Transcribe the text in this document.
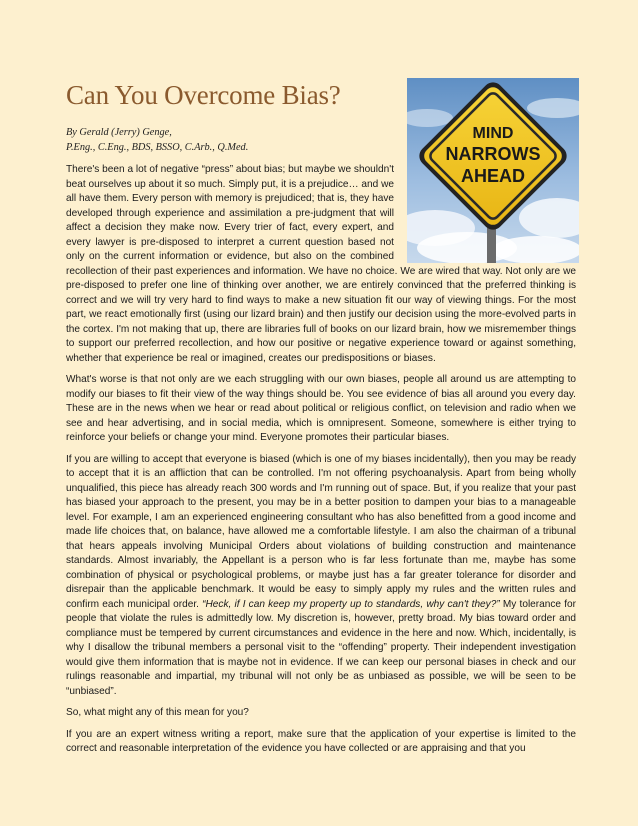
Can You Overcome Bias?
By Gerald (Jerry) Genge,
P.Eng., C.Eng., BDS, BSSO, C.Arb., Q.Med.
MIND
NARROWS
AHEAD

There's been a lot of negative “press” about bias; but maybe we shouldn't beat ourselves up about it so much. Simply put, it is a prejudice… and we all have them. Every person with memory is prejudiced; that is, they have developed through experience and assimilation a pre-judgment that will affect a decision they make now. Every trier of fact, every expert, and every lawyer is pre-disposed to interpret a current question based not only on the current information or evidence, but also on the combined recollection of their past experiences and information. We have no choice. We are wired that way. Not only are we pre-disposed to prefer one line of thinking over another, we are entirely convinced that the preferred thinking is correct and we will try very hard to find ways to make a new situation fit our way of viewing things. For the most part, we react emotionally first (using our lizard brain) and then justify our decision using the more-evolved parts in the cortex. I'm not making that up, there are libraries full of books on our lizard brain, how we misremember things to support our preferred recollection, and how our positive or negative experience toward or against something, whether that experience be real or imagined, creates our predispositions or biases.

What's worse is that not only are we each struggling with our own biases, people all around us are attempting to modify our biases to fit their view of the way things should be. You see evidence of bias all around you every day. These are in the news when we hear or read about political or religious conflict, on television and radio when we see and hear advertising, and in social media, which is omnipresent. Someone, somewhere is either trying to reinforce your beliefs or change your mind. Everyone promotes their particular biases.

If you are willing to accept that everyone is biased (which is one of my biases incidentally), then you may be ready to accept that it is an affliction that can be controlled. I'm not offering psychoanalysis. Apart from being wholly unqualified, this piece has already reach 300 words and I'm running out of space. But, if you realize that your past has biased your approach to the present, you may be in a better position to dampen your bias to a manageable level. For example, I am an experienced engineering consultant who has also benefitted from a good income and made life choices that, on balance, have allowed me a comfortable lifestyle. I am also the chairman of a tribunal that hears appeals involving Municipal Orders about violations of building construction and maintenance standards. Almost invariably, the Appellant is a person who is far less fortunate than me, maybe has some combination of physical or psychological problems, or maybe just has a far greater tolerance for disorder and disrepair than the applicable benchmark. It would be easy to simply apply my rules and the written rules and confirm each municipal order. “Heck, if I can keep my property up to standards, why can't they?” My tolerance for people that violate the rules is admittedly low. My discretion is, however, pretty broad. My bias toward order and compliance must be tempered by current circumstances and evidence in the here and now. Which, incidentally, is why I disallow the tribunal members a personal visit to the “offending” property. Their independent investigation would give them information that is maybe not in evidence. If we can keep our personal biases in check and our rulings reasonable and impartial, my tribunal will not only be as unbiased as possible, we will be seen to be “unbiased”.

So, what might any of this mean for you?

If you are an expert witness writing a report, make sure that the application of your expertise is limited to the correct and reasonable interpretation of the evidence you have collected or are appraising and that you
